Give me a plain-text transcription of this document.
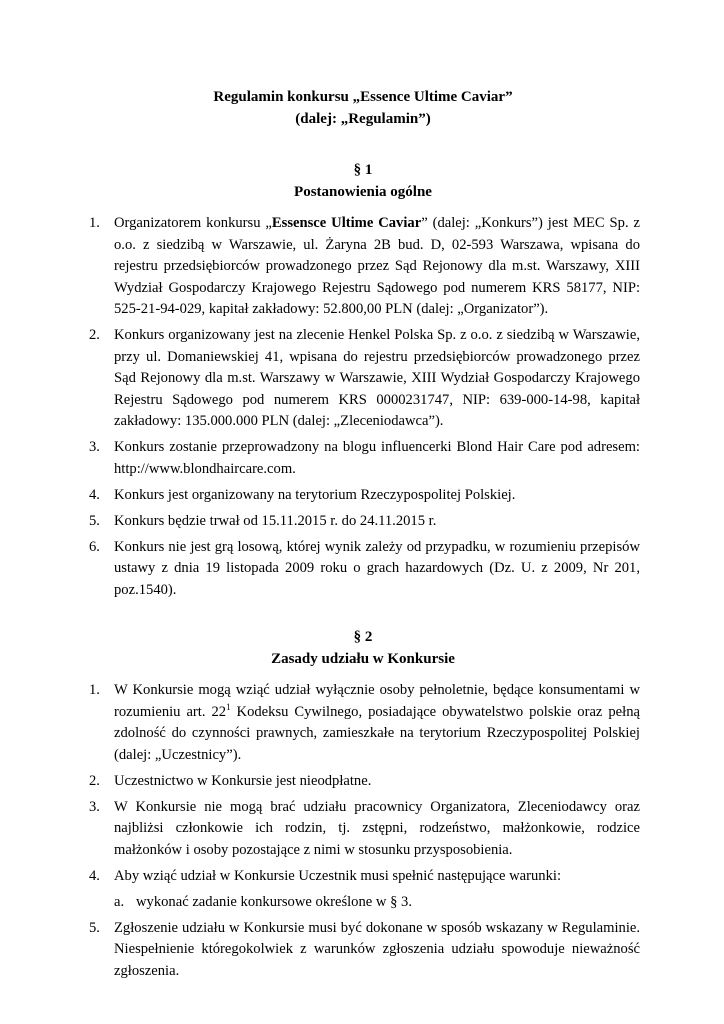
Regulamin konkursu „Essence Ultime Caviar”

(dalej: „Regulamin”)

§ 1

Postanowienia ogólne

1. Organizatorem konkursu „Essensce Ultime Caviar” (dalej: „Konkurs”) jest MEC Sp. z o.o. z siedzibą w Warszawie, ul. Żaryna 2B bud. D, 02-593 Warszawa, wpisana do rejestru przedsiębiorców prowadzonego przez Sąd Rejonowy dla m.st. Warszawy, XIII Wydział Gospodarczy Krajowego Rejestru Sądowego pod numerem KRS 58177, NIP: 525-21-94-029, kapitał zakładowy: 52.800,00 PLN (dalej: „Organizator”).
2. Konkurs organizowany jest na zlecenie Henkel Polska Sp. z o.o. z siedzibą w Warszawie, przy ul. Domaniewskiej 41, wpisana do rejestru przedsiębiorców prowadzonego przez Sąd Rejonowy dla m.st. Warszawy w Warszawie, XIII Wydział Gospodarczy Krajowego Rejestru Sądowego pod numerem KRS 0000231747, NIP: 639-000-14-98, kapitał zakładowy: 135.000.000 PLN (dalej: „Zleceniodawca”).
3. Konkurs zostanie przeprowadzony na blogu influencerki Blond Hair Care pod adresem: http://www.blondhaircare.com.
4. Konkurs jest organizowany na terytorium Rzeczypospolitej Polskiej.
5. Konkurs będzie trwał od 15.11.2015 r. do 24.11.2015 r.
6. Konkurs nie jest grą losową, której wynik zależy od przypadku, w rozumieniu przepisów ustawy z dnia 19 listopada 2009 roku o grach hazardowych (Dz. U. z 2009, Nr 201, poz.1540).

§ 2

Zasady udziału w Konkursie

1. W Konkursie mogą wziąć udział wyłącznie osoby pełnoletnie, będące konsumentami w rozumieniu art. $22^1$ Kodeksu Cywilnego, posiadające obywatelstwo polskie oraz pełną zdolność do czynności prawnych, zamieszkałe na terytorium Rzeczypospolitej Polskiej (dalej: „Uczestnicy”).
2. Uczestnictwo w Konkursie jest nieodpłatne.
3. W Konkursie nie mogą brać udziału pracownicy Organizatora, Zleceniodawcy oraz najbliżsi członkowie ich rodzin, tj. zstępni, rodzeństwo, małżonkowie, rodzice małżonków i osoby pozostające z nimi w stosunku przysposobienia.
4. Aby wziąć udział w Konkursie Uczestnik musi spełnić następujące warunki:
a. wykonać zadanie konkursowe określone w § 3.
5. Zgłoszenie udziału w Konkursie musi być dokonane w sposób wskazany w Regulaminie. Niespełnienie któregokolwiek z warunków zgłoszenia udziału spowoduje nieważność zgłoszenia.
